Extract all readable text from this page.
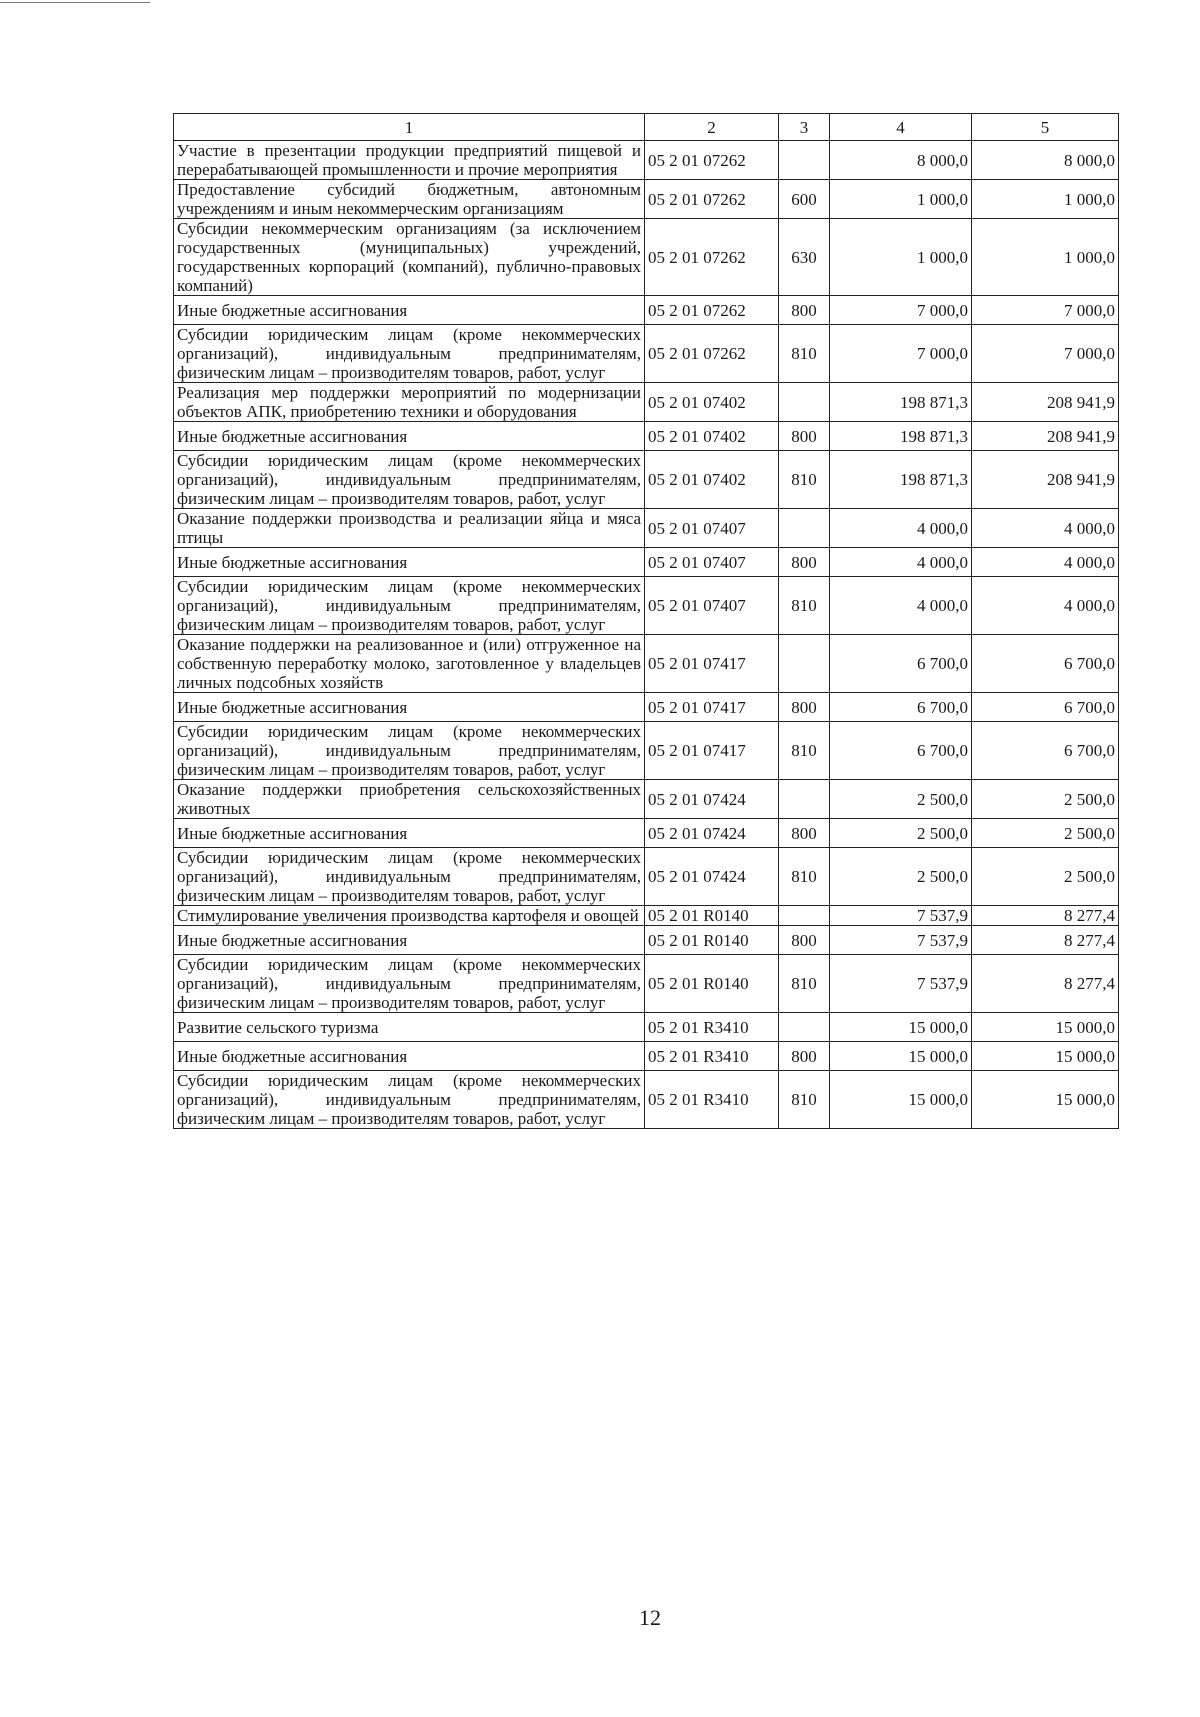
1	2	3	4	5
Участие в презентации продукции предприятий пищевой и перерабатывающей промышленности и прочие мероприятия	05 2 01 07262		8 000,0	8 000,0
Предоставление субсидий бюджетным, автономным учреждениям и иным некоммерческим организациям	05 2 01 07262	600	1 000,0	1 000,0
Субсидии некоммерческим организациям (за исключением государственных (муниципальных) учреждений, государственных корпораций (компаний), публично-правовых компаний)	05 2 01 07262	630	1 000,0	1 000,0
Иные бюджетные ассигнования	05 2 01 07262	800	7 000,0	7 000,0
Субсидии юридическим лицам (кроме некоммерческих организаций), индивидуальным предпринимателям, физическим лицам – производителям товаров, работ, услуг	05 2 01 07262	810	7 000,0	7 000,0
Реализация мер поддержки мероприятий по модернизации объектов АПК, приобретению техники и оборудования	05 2 01 07402		198 871,3	208 941,9
Иные бюджетные ассигнования	05 2 01 07402	800	198 871,3	208 941,9
Субсидии юридическим лицам (кроме некоммерческих организаций), индивидуальным предпринимателям, физическим лицам – производителям товаров, работ, услуг	05 2 01 07402	810	198 871,3	208 941,9
Оказание поддержки производства и реализации яйца и мяса птицы	05 2 01 07407		4 000,0	4 000,0
Иные бюджетные ассигнования	05 2 01 07407	800	4 000,0	4 000,0
Субсидии юридическим лицам (кроме некоммерческих организаций), индивидуальным предпринимателям, физическим лицам – производителям товаров, работ, услуг	05 2 01 07407	810	4 000,0	4 000,0
Оказание поддержки на реализованное и (или) отгруженное на собственную переработку молоко, заготовленное у владельцев личных подсобных хозяйств	05 2 01 07417		6 700,0	6 700,0
Иные бюджетные ассигнования	05 2 01 07417	800	6 700,0	6 700,0
Субсидии юридическим лицам (кроме некоммерческих организаций), индивидуальным предпринимателям, физическим лицам – производителям товаров, работ, услуг	05 2 01 07417	810	6 700,0	6 700,0
Оказание поддержки приобретения сельскохозяйственных животных	05 2 01 07424		2 500,0	2 500,0
Иные бюджетные ассигнования	05 2 01 07424	800	2 500,0	2 500,0
Субсидии юридическим лицам (кроме некоммерческих организаций), индивидуальным предпринимателям, физическим лицам – производителям товаров, работ, услуг	05 2 01 07424	810	2 500,0	2 500,0
Стимулирование увеличения производства картофеля и овощей	05 2 01 R0140		7 537,9	8 277,4
Иные бюджетные ассигнования	05 2 01 R0140	800	7 537,9	8 277,4
Субсидии юридическим лицам (кроме некоммерческих организаций), индивидуальным предпринимателям, физическим лицам – производителям товаров, работ, услуг	05 2 01 R0140	810	7 537,9	8 277,4
Развитие сельского туризма	05 2 01 R3410		15 000,0	15 000,0
Иные бюджетные ассигнования	05 2 01 R3410	800	15 000,0	15 000,0
Субсидии юридическим лицам (кроме некоммерческих организаций), индивидуальным предпринимателям, физическим лицам – производителям товаров, работ, услуг	05 2 01 R3410	810	15 000,0	15 000,0
12
